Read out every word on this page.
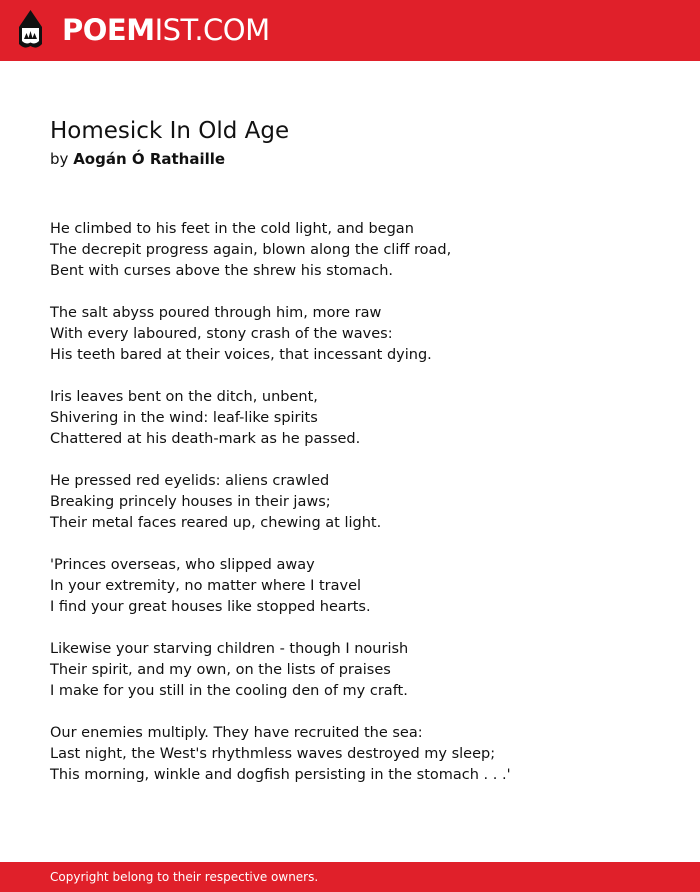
POEMIST.COM
Homesick In Old Age
by Aogán Ó Rathaille
He climbed to his feet in the cold light, and began
The decrepit progress again, blown along the cliff road,
Bent with curses above the shrew his stomach.
The salt abyss poured through him, more raw
With every laboured, stony crash of the waves:
His teeth bared at their voices, that incessant dying.
Iris leaves bent on the ditch, unbent,
Shivering in the wind: leaf-like spirits
Chattered at his death-mark as he passed.
He pressed red eyelids: aliens crawled
Breaking princely houses in their jaws;
Their metal faces reared up, chewing at light.
'Princes overseas, who slipped away
In your extremity, no matter where I travel
I find your great houses like stopped hearts.
Likewise your starving children - though I nourish
Their spirit, and my own, on the lists of praises
I make for you still in the cooling den of my craft.
Our enemies multiply. They have recruited the sea:
Last night, the West's rhythmless waves destroyed my sleep;
This morning, winkle and dogfish persisting in the stomach . . .'
Copyright belong to their respective owners.
